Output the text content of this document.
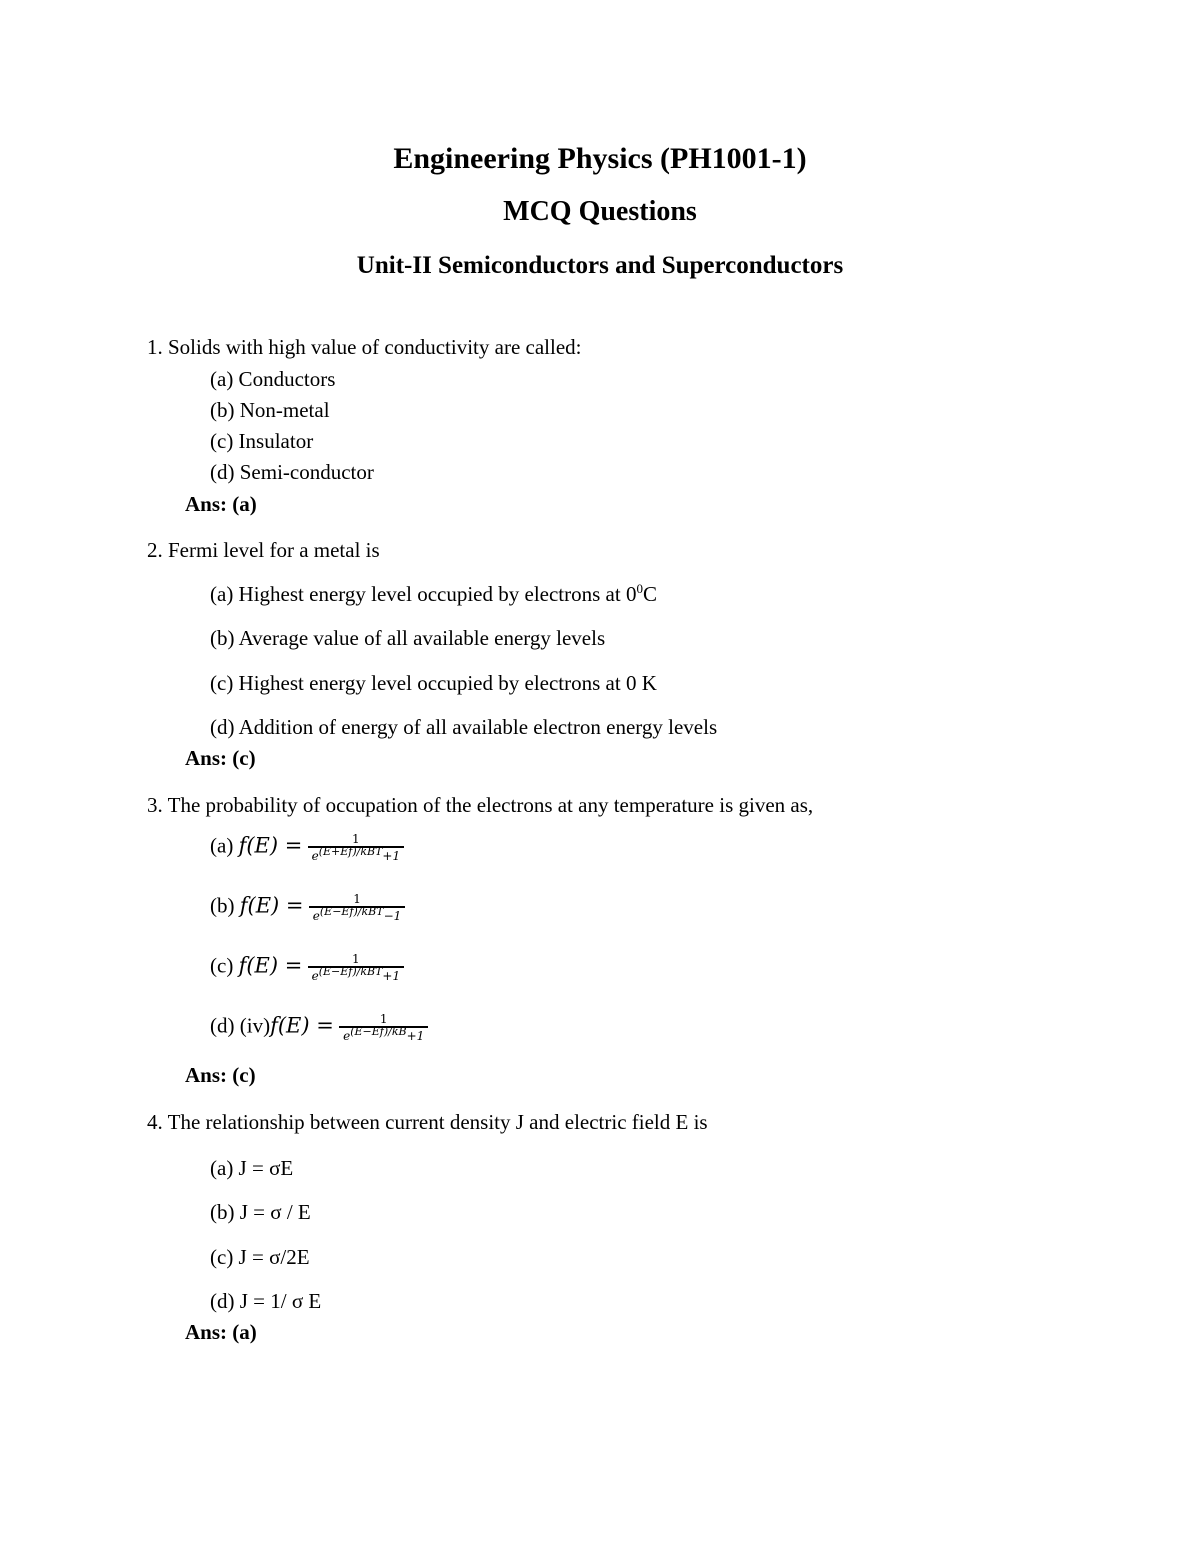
Engineering Physics (PH1001-1)
MCQ Questions
Unit-II Semiconductors and Superconductors
1. Solids with high value of conductivity are called:
(a) Conductors
(b) Non-metal
(c) Insulator
(d) Semi-conductor
Ans: (a)
2. Fermi level for a metal is
(a) Highest energy level occupied by electrons at $0^0C$
(b) Average value of all available energy levels
(c) Highest energy level occupied by electrons at 0 K
(d) Addition of energy of all available electron energy levels
Ans: (c)
3. The probability of occupation of the electrons at any temperature is given as,
(a) $f(E) = \frac{1}{e^{(E+Ef)/kBT}+1}$
(b) $f(E) = \frac{1}{e^{(E-Ef)/kBT}-1}$
(c) $f(E) = \frac{1}{e^{(E-Ef)/kBT}+1}$
(d) $(iv)f(E) = \frac{1}{e^{(E-Ef)/kB}+1}$
Ans: (c)
4. The relationship between current density J and electric field E is
(a) J = σE
(b) J = σ / E
(c) J = σ/2E
(d) J = 1/ σ E
Ans: (a)
